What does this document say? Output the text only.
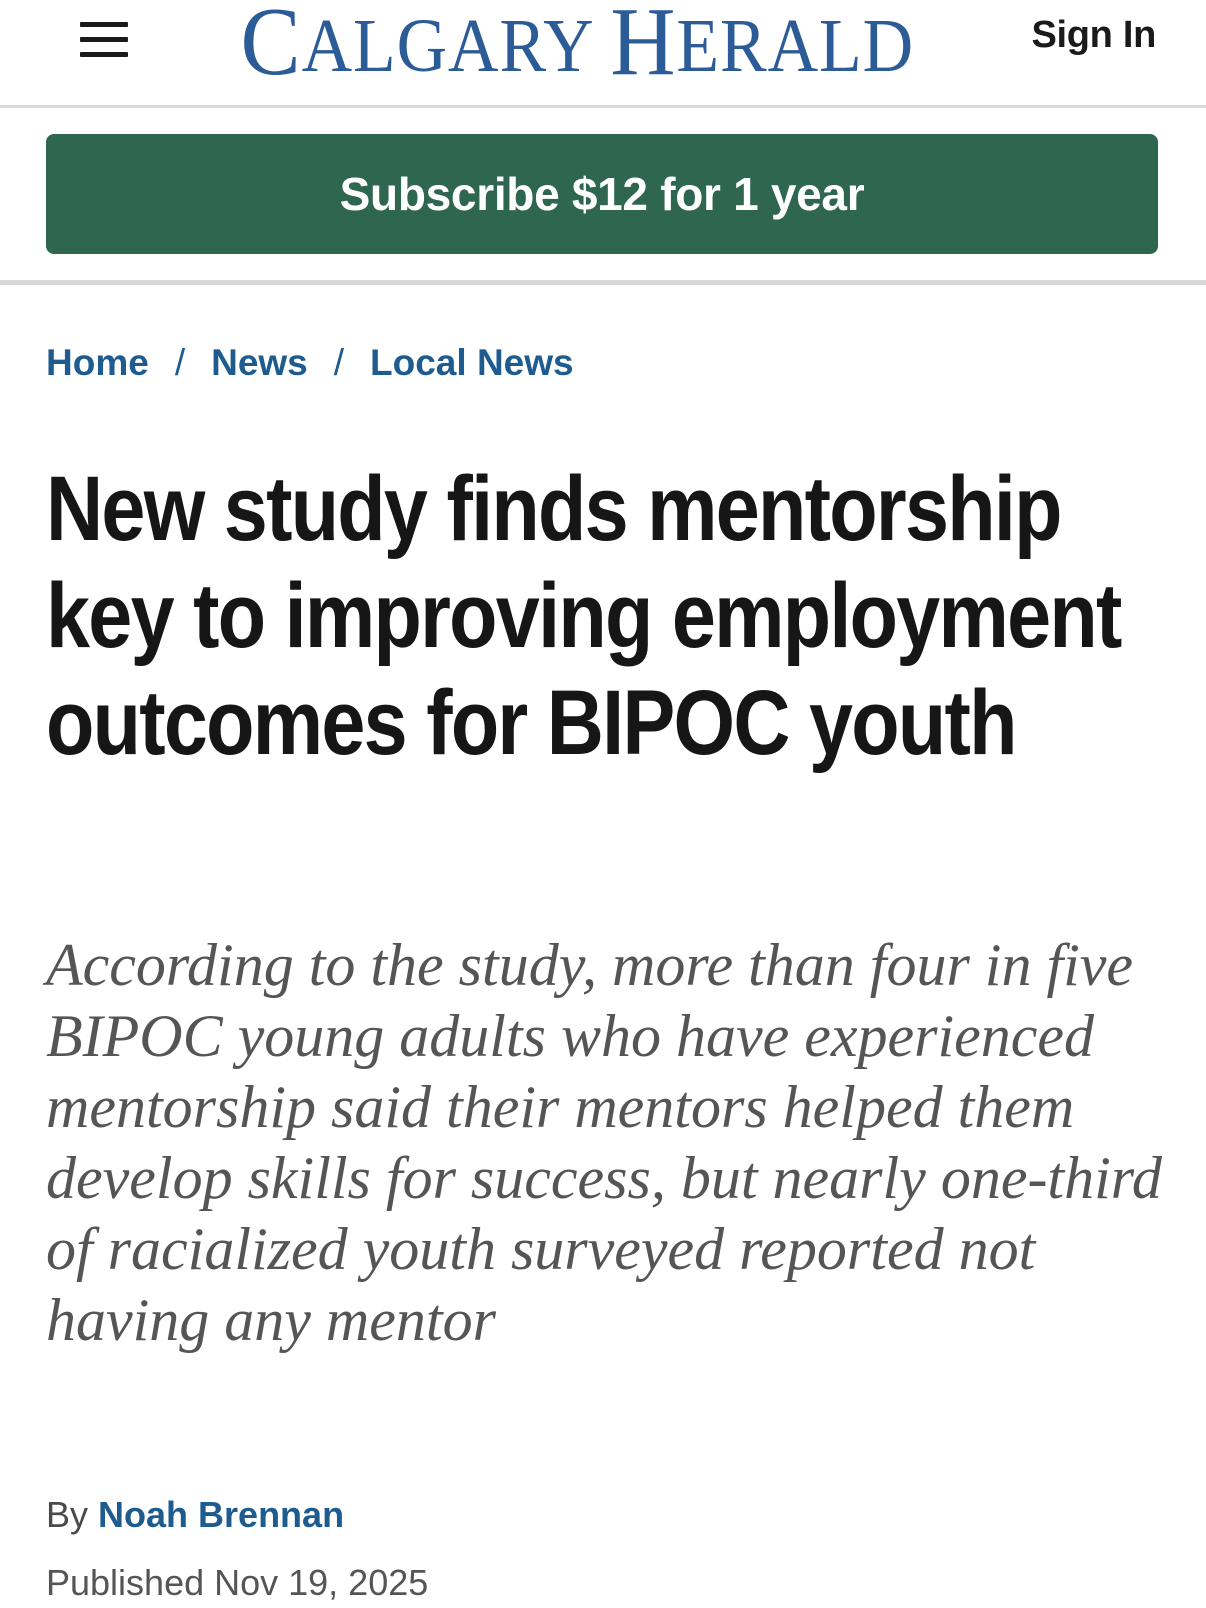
C ALGARY H ERALD	Sign In
Subscribe $12 for 1 year
Home / News / Local News
New study finds mentorship key to improving employment outcomes for BIPOC youth

According to the study, more than four in five BIPOC young adults who have experienced mentorship said their mentors helped them develop skills for success, but nearly one-third of racialized youth surveyed reported not having any mentor

By Noah Brennan
Published Nov 19, 2025
